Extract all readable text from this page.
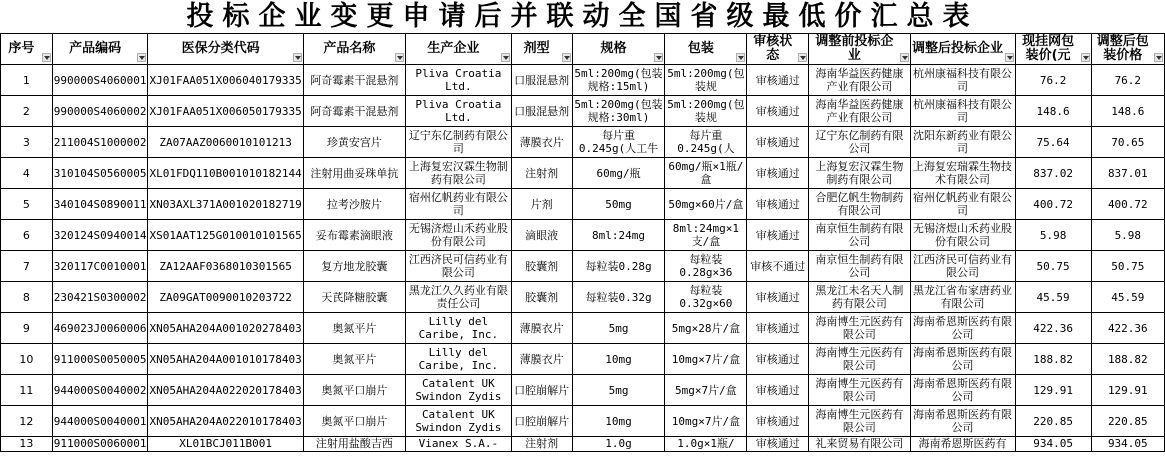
投标企业变更申请后并联动全国省级最低价汇总表
序号	产品编码	医保分类代码	产品名称	生产企业	剂型	规格	包装	审核状态	调整前投标企业	调整后投标企业	现挂网包装价(元	调整后包装价格

1	990000S4060001	XJ01FAA051X006040179335	阿奇霉素干混悬剂	Pliva Croatia Ltd.	口服混悬剂	5ml:200mg(包装规格:15ml)	5ml:200mg(包装规	审核通过	海南华益医药健康产业有限公司	杭州康福科技有限公司	76.2	76.2

2	990000S4060002	XJ01FAA051X006050179335	阿奇霉素干混悬剂	Pliva Croatia Ltd.	口服混悬剂	5ml:200mg(包装规格:30ml)	5ml:200mg(包装规	审核通过	海南华益医药健康产业有限公司	杭州康福科技有限公司	148.6	148.6

3	211004S1000002	ZA07AAZ0060010101213	珍黄安宫片	辽宁东亿制药有限公司	薄膜衣片	每片重0.245g(人工牛	每片重0.245g(人	审核通过	辽宁东亿制药有限公司	沈阳东新药业有限公司	75.64	70.65

4	310104S0560005	XL01FDQ110B001010182144	注射用曲妥珠单抗	上海复宏汉霖生物制药有限公司	注射剂	60mg/瓶	60mg/瓶×1瓶/盒	审核通过	上海复宏汉霖生物制药有限公司	上海复宏瑞霖生物技术有限公司	837.02	837.01

5	340104S0890011	XN03AXL371A001020182719	拉考沙胺片	宿州亿帆药业有限公司	片剂	50mg	50mg×60片/盒	审核通过	合肥亿帆生物制药有限公司	宿州亿帆药业有限公司	400.72	400.72

6	320124S0940014	XS01AAT125G010010101565	妥布霉素滴眼液	无锡济煜山禾药业股份有限公司	滴眼液	8ml:24mg	8ml:24mg×1支/盒	审核通过	南京恒生制药有限公司	无锡济煜山禾药业股份有限公司	5.98	5.98

7	320117C0010001	ZA12AAF0368010301565	复方地龙胶囊	江西济民可信药业有限公司	胶囊剂	每粒装0.28g	每粒装0.28g×36	审核不通过	南京恒生制药有限公司	江西济民可信药业有限公司	50.75	50.75

8	230421S0300002	ZA09GAT0090010203722	天芪降糖胶囊	黑龙江久久药业有限责任公司	胶囊剂	每粒装0.32g	每粒装0.32g×60	审核通过	黑龙江未名天人制药有限公司	黑龙江省布家唐药业有限公司	45.59	45.59

9	469023J0060006	XN05AHA204A001020278403	奥氮平片	Lilly del Caribe, Inc.	薄膜衣片	5mg	5mg×28片/盒	审核通过	海南博生元医药有限公司	海南希恩斯医药有限公司	422.36	422.36

10	911000S0050005	XN05AHA204A001010178403	奥氮平片	Lilly del Caribe, Inc.	薄膜衣片	10mg	10mg×7片/盒	审核通过	海南博生元医药有限公司	海南希恩斯医药有限公司	188.82	188.82

11	944000S0040002	XN05AHA204A022020178403	奥氮平口崩片	Catalent UK Swindon Zydis	口腔崩解片	5mg	5mg×7片/盒	审核通过	海南博生元医药有限公司	海南希恩斯医药有限公司	129.91	129.91

12	944000S0040001	XN05AHA204A022010178403	奥氮平口崩片	Catalent UK Swindon Zydis	口腔崩解片	10mg	10mg×7片/盒	审核通过	海南博生元医药有限公司	海南希恩斯医药有限公司	220.85	220.85

13	911000S0060001	XL01BCJ011B001	注射用盐酸吉西	Vianex S.A.-	注射剂	1.0g	1.0g×1瓶/	审核通过	礼来贸易有限公司	海南希恩斯医药有	934.05	934.05
